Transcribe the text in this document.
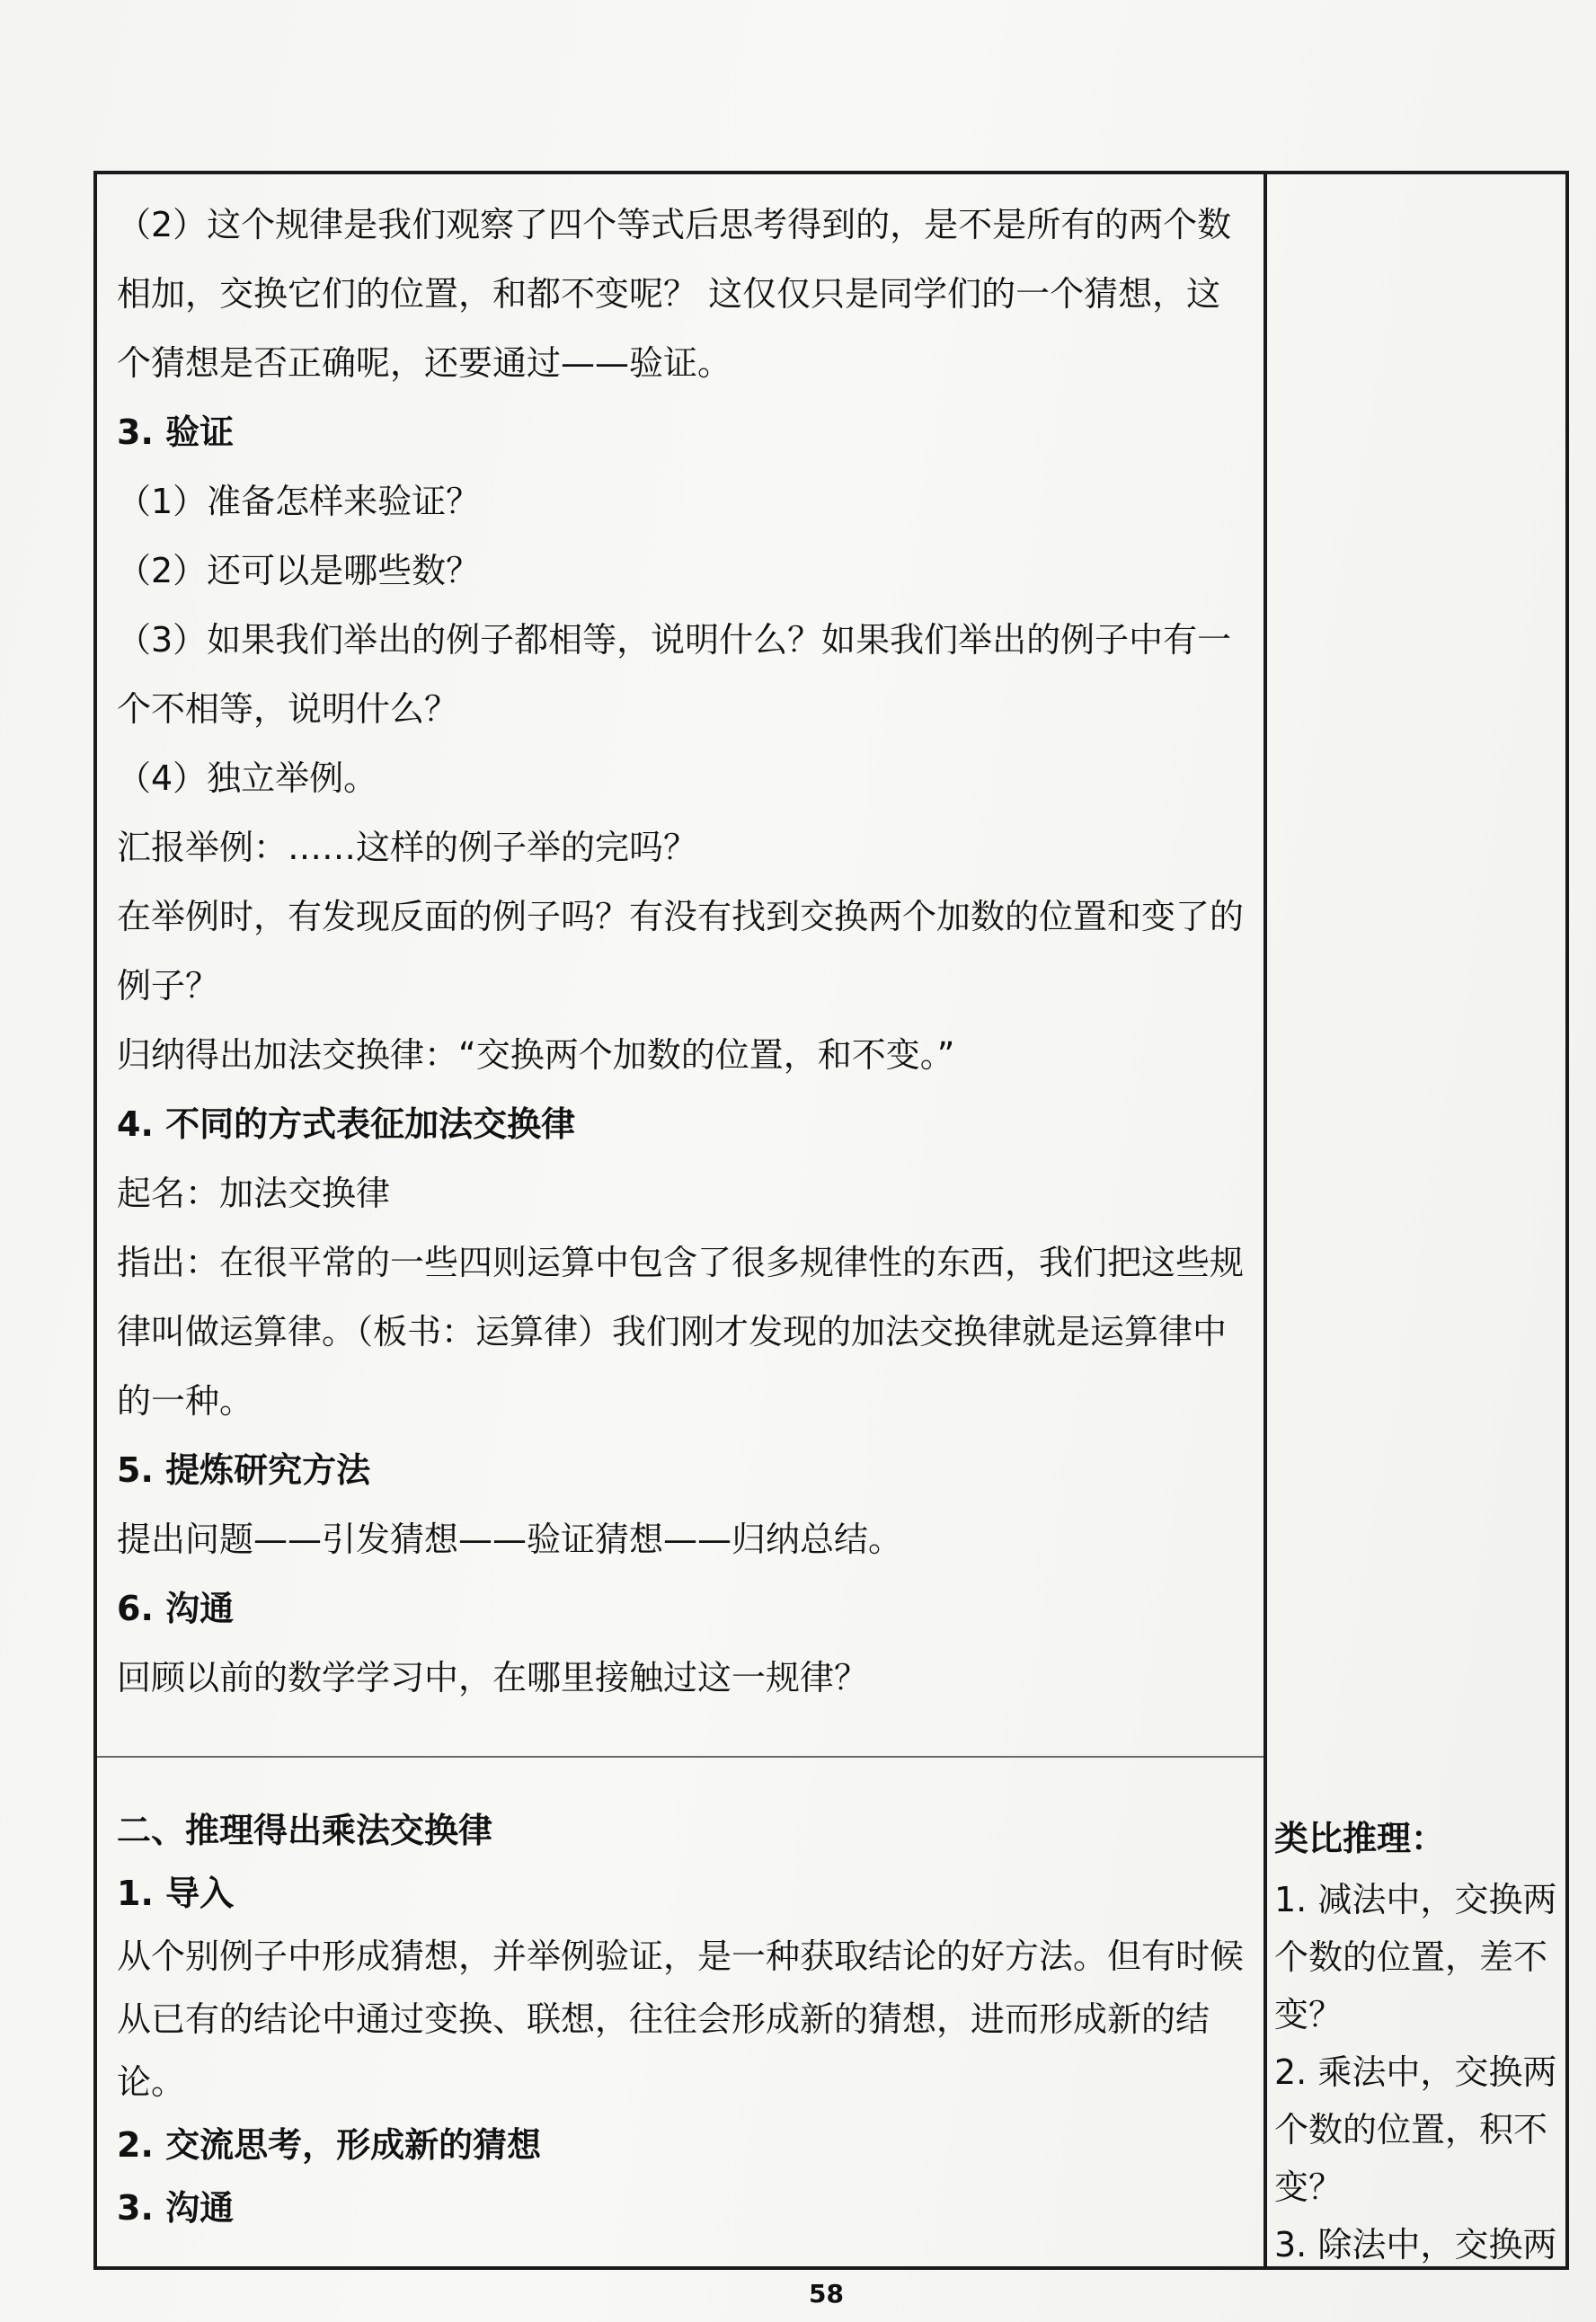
（2）这个规律是我们观察了四个等式后思考得到的，是不是所有的两个数相加，交换它们的位置，和都不变呢？ 这仅仅只是同学们的一个猜想，这个猜想是否正确呢，还要通过——验证。

3. 验证

（1）准备怎样来验证？

（2）还可以是哪些数？

（3）如果我们举出的例子都相等，说明什么？如果我们举出的例子中有一个不相等，说明什么？

（4）独立举例。

汇报举例：……这样的例子举的完吗？

在举例时，有发现反面的例子吗？有没有找到交换两个加数的位置和变了的例子？

归纳得出加法交换律：“交换两个加数的位置，和不变。”

4. 不同的方式表征加法交换律

起名：加法交换律

指出：在很平常的一些四则运算中包含了很多规律性的东西，我们把这些规律叫做运算律。（板书：运算律）我们刚才发现的加法交换律就是运算律中的一种。

5. 提炼研究方法

提出问题——引发猜想——验证猜想——归纳总结。

6. 沟通

回顾以前的数学学习中，在哪里接触过这一规律？

二、推理得出乘法交换律

1. 导入

从个别例子中形成猜想，并举例验证，是一种获取结论的好方法。但有时候从已有的结论中通过变换、联想，往往会形成新的猜想，进而形成新的结论。

2. 交流思考，形成新的猜想

3. 沟通

类比推理：
1. 减法中，交换两个数的位置，差不变？
2. 乘法中，交换两个数的位置，积不变？
3. 除法中，交换两
58
